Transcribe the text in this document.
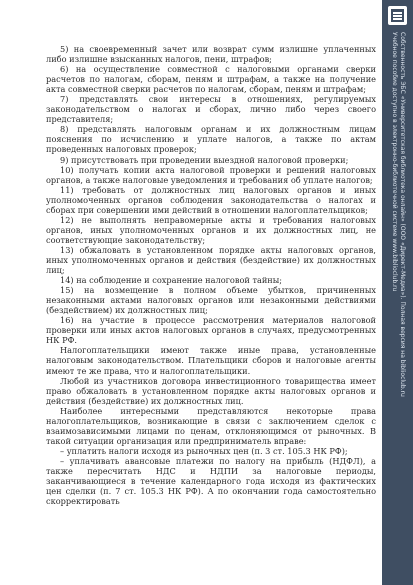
5) на своевременный зачет или возврат сумм излишне уплаченных либо излишне взысканных налогов, пени, штрафов;

6) на осуществление совместной с налоговыми органами сверки расчетов по налогам, сборам, пеням и штрафам, а также на получение акта совместной сверки расчетов по налогам, сборам, пеням и штрафам;

7) представлять свои интересы в отношениях, регулируемых законодательством о налогах и сборах, лично либо через своего представителя;

8) представлять налоговым органам и их должностным лицам пояснения по исчислению и уплате налогов, а также по актам проведенных налоговых проверок;

9) присутствовать при проведении выездной налоговой проверки;

10) получать копии акта налоговой проверки и решений налоговых органов, а также налоговые уведомления и требования об уплате налогов;

11) требовать от должностных лиц налоговых органов и иных уполномоченных органов соблюдения законодательства о налогах и сборах при совершении ими действий в отношении налогоплательщиков;

12) не выполнять неправомерные акты и требования налоговых органов, иных уполномоченных органов и их должностных лиц, не соответствующие законодательству;

13) обжаловать в установленном порядке акты налоговых органов, иных уполномоченных органов и действия (бездействие) их должностных лиц;

14) на соблюдение и сохранение налоговой тайны;

15) на возмещение в полном объеме убытков, причиненных незаконными актами налоговых органов или незаконными действиями (бездействием) их должностных лиц;

16) на участие в процессе рассмотрения материалов налоговой проверки или иных актов налоговых органов в случаях, предусмотренных НК РФ.

Налогоплательщики имеют также иные права, установленные налоговым законодательством. Плательщики сборов и налоговые агенты имеют те же права, что и налогоплательщики.

Любой из участников договора инвестиционного товарищества имеет право обжаловать в установленном порядке акты налоговых органов и действия (бездействие) их должностных лиц.

Наиболее интересными представляются некоторые права налогоплательщиков, возникающие в связи с заключением сделок с взаимозависимыми лицами по ценам, отклоняющимся от рыночных. В такой ситуации организация или предприниматель вправе:

– уплатить налоги исходя из рыночных цен (п. 3 ст. 105.3 НК РФ);

– уплачивать авансовые платежи по налогу на прибыль (НДФЛ), а также пересчитать НДС и НДПИ за налоговые периоды, заканчивающиеся в течение календарного года исходя из фактических цен сделки (п. 7 ст. 105.3 НК РФ). А по окончании года самостоятельно скорректировать

Собственность ЭБС «Университетская библиотека онлайн» (ООО «Директ-Медиа»). Полная версия на biblioclub.ru
Учебное пособие доступно в электронно-библиотечной системе www.biblioclub.ru
